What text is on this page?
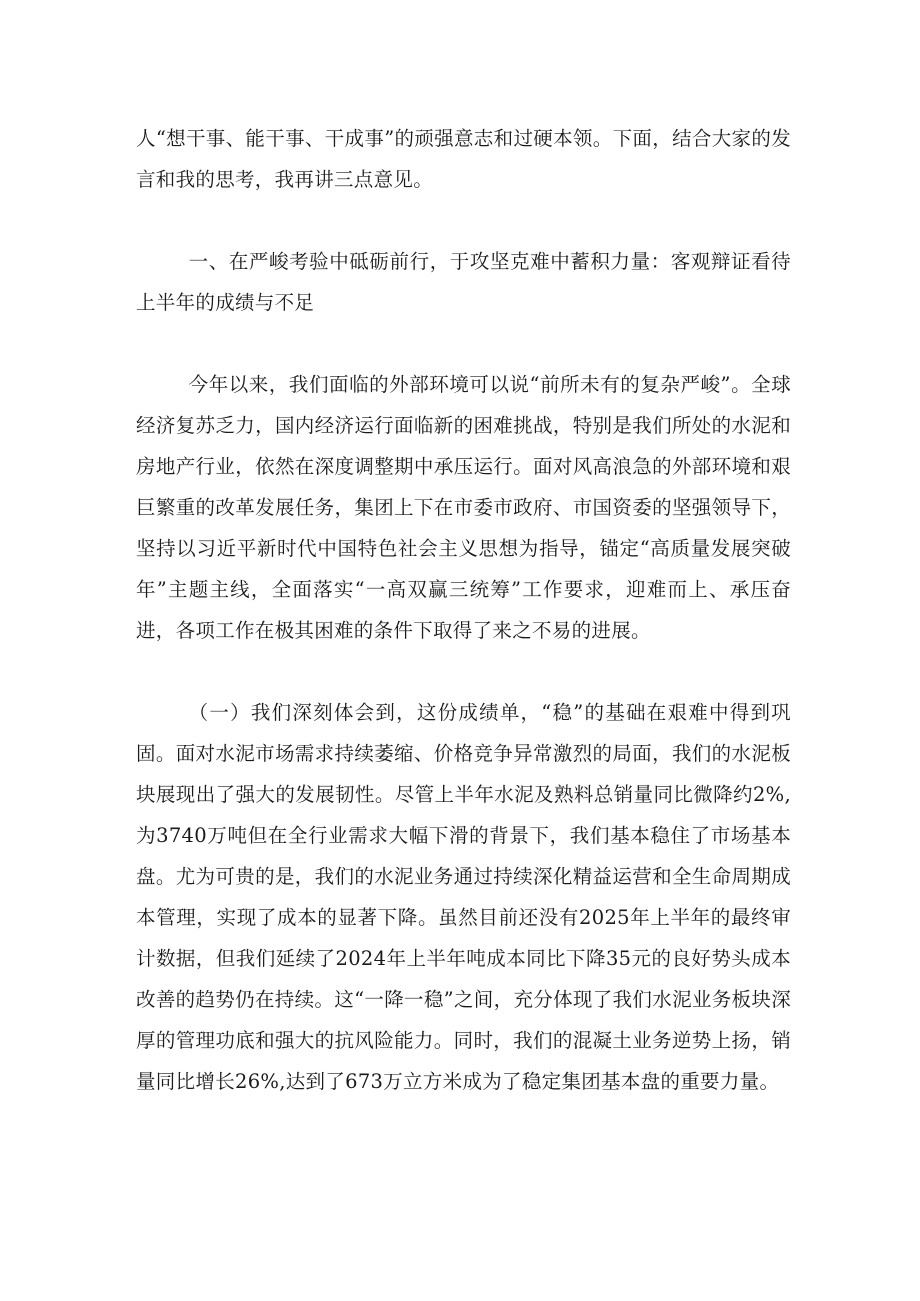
人“想干事、能干事、干成事”的顽强意志和过硬本领。下面，结合大家的发言和我的思考，我再讲三点意见。

一、在严峻考验中砥砺前行，于攻坚克难中蓄积力量：客观辩证看待上半年的成绩与不足

今年以来，我们面临的外部环境可以说“前所未有的复杂严峻”。全球经济复苏乏力，国内经济运行面临新的困难挑战，特别是我们所处的水泥和房地产行业，依然在深度调整期中承压运行。面对风高浪急的外部环境和艰巨繁重的改革发展任务，集团上下在市委市政府、市国资委的坚强领导下，坚持以习近平新时代中国特色社会主义思想为指导，锚定“高质量发展突破年”主题主线，全面落实“一高双赢三统筹”工作要求，迎难而上、承压奋进，各项工作在极其困难的条件下取得了来之不易的进展。

（一）我们深刻体会到，这份成绩单，“稳”的基础在艰难中得到巩固。面对水泥市场需求持续萎缩、价格竞争异常激烈的局面，我们的水泥板块展现出了强大的发展韧性。尽管上半年水泥及熟料总销量同比微降约2%,为3740万吨但在全行业需求大幅下滑的背景下，我们基本稳住了市场基本盘。尤为可贵的是，我们的水泥业务通过持续深化精益运营和全生命周期成本管理，实现了成本的显著下降。虽然目前还没有2025年上半年的最终审计数据，但我们延续了2024年上半年吨成本同比下降35元的良好势头成本改善的趋势仍在持续。这“一降一稳”之间，充分体现了我们水泥业务板块深厚的管理功底和强大的抗风险能力。同时，我们的混凝土业务逆势上扬，销量同比增长26%,达到了673万立方米成为了稳定集团基本盘的重要力量。
